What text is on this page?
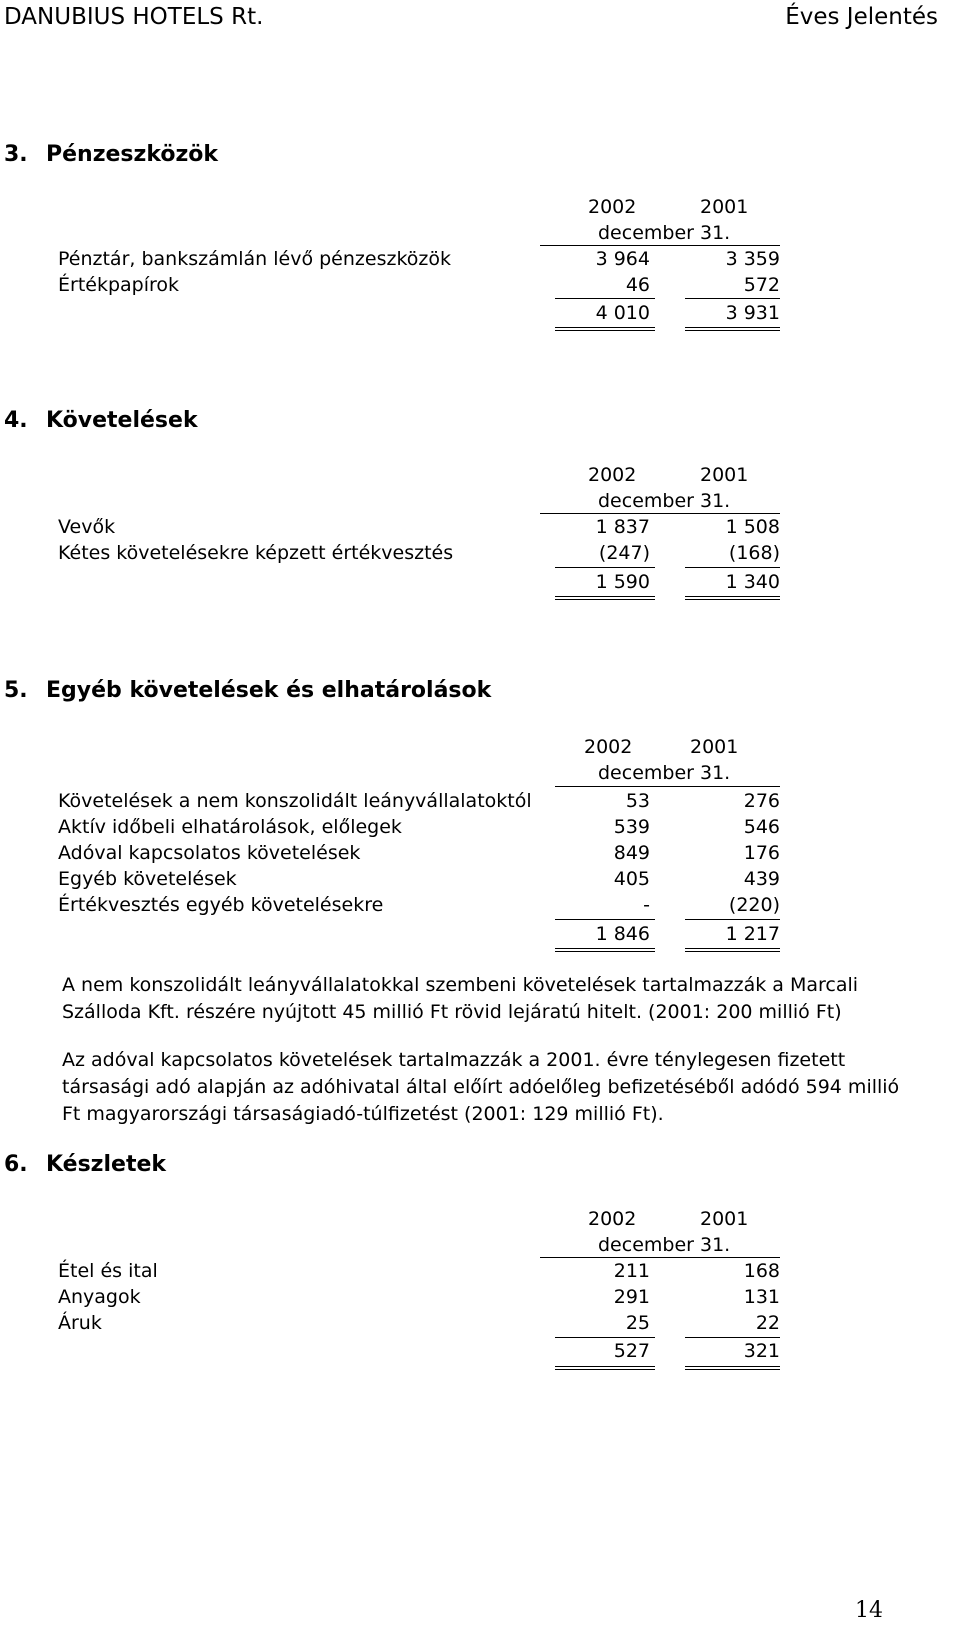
DANUBIUS HOTELS Rt.	Éves Jelentés
3. Pénzeszközök
2002	2001
december 31.
Pénztár, bankszámlán lévő pénzeszközök	3 964	3 359
Értékpapírok	46	572
4 010	3 931
4. Követelések
2002	2001
december 31.
Vevők	1 837	1 508
Kétes követelésekre képzett értékvesztés	(247)	(168)
1 590	1 340
5. Egyéb követelések és elhatárolások
2002	2001
december 31.
Követelések a nem konszolidált leányvállalatoktól	53	276
Aktív időbeli elhatárolások, előlegek	539	546
Adóval kapcsolatos követelések	849	176
Egyéb követelések	405	439
Értékvesztés egyéb követelésekre	-	(220)
1 846	1 217
A nem konszolidált leányvállalatokkal szembeni követelések tartalmazzák a Marcali Szálloda Kft. részére nyújtott 45 millió Ft rövid lejáratú hitelt. (2001: 200 millió Ft)
Az adóval kapcsolatos követelések tartalmazzák a 2001. évre ténylegesen fizetett társasági adó alapján az adóhivatal által előírt adóelőleg befizetéséből adódó 594 millió Ft magyarországi társaságiadó-túlfizetést (2001: 129 millió Ft).
6. Készletek
2002	2001
december 31.
Étel és ital	211	168
Anyagok	291	131
Áruk	25	22
527	321
14
